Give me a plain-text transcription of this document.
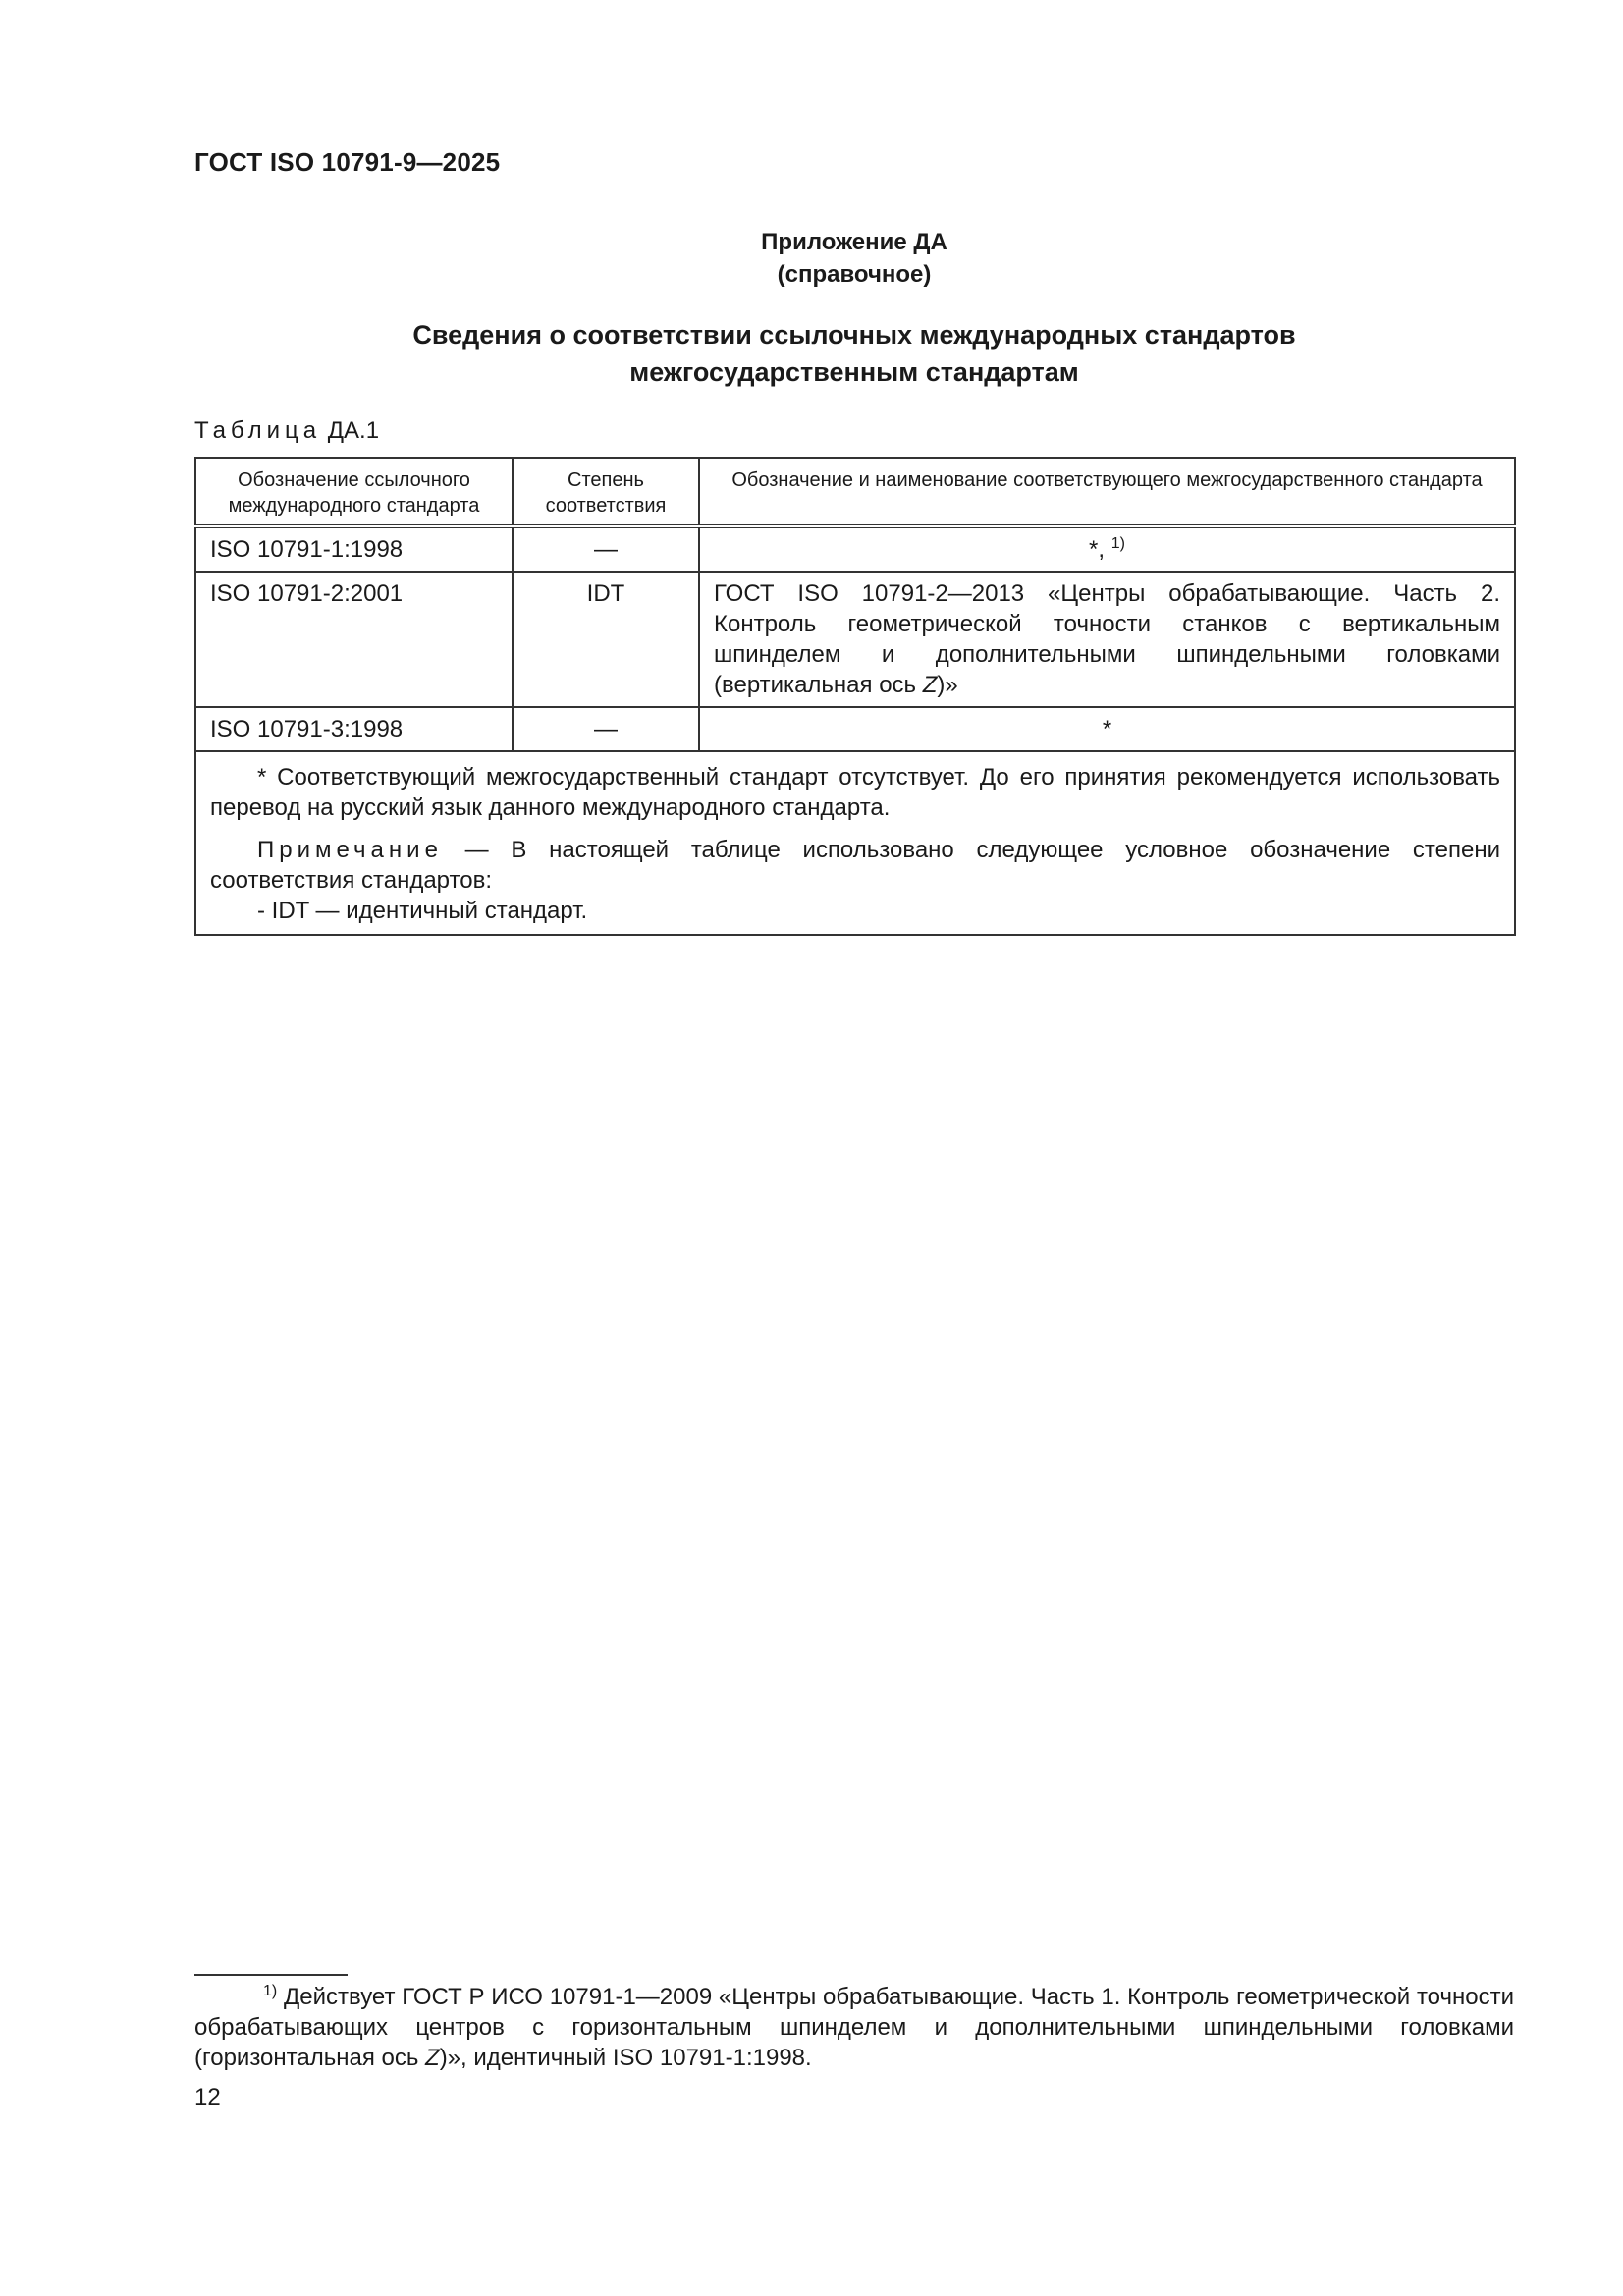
ГОСТ ISO 10791-9—2025
Приложение ДА
(справочное)
Сведения о соответствии ссылочных международных стандартов
межгосударственным стандартам
Таблица ДА.1
Обозначение ссылочного международного стандарта	Степень соответствия	Обозначение и наименование соответствующего межгосударственного стандарта
ISO 10791-1:1998	—	*, $^{1)}$
ISO 10791-2:2001	IDT	ГОСТ ISO 10791-2—2013 «Центры обрабатывающие. Часть 2. Контроль геометрической точности станков с вертикальным шпинделем и дополнительными шпиндельными головками (вертикальная ось Z)»
ISO 10791-3:1998	—	*

* Соответствующий межгосударственный стандарт отсутствует. До его принятия рекомендуется использовать перевод на русский язык данного международного стандарта.

Примечание — В настоящей таблице использовано следующее условное обозначение степени соответствия стандартов:

- IDT — идентичный стандарт.		

$^{1)}$ Действует ГОСТ Р ИСО 10791-1—2009 «Центры обрабатывающие. Часть 1. Контроль геометрической точности обрабатывающих центров с горизонтальным шпинделем и дополнительными шпиндельными головками (горизонтальная ось Z)», идентичный ISO 10791-1:1998.
12
